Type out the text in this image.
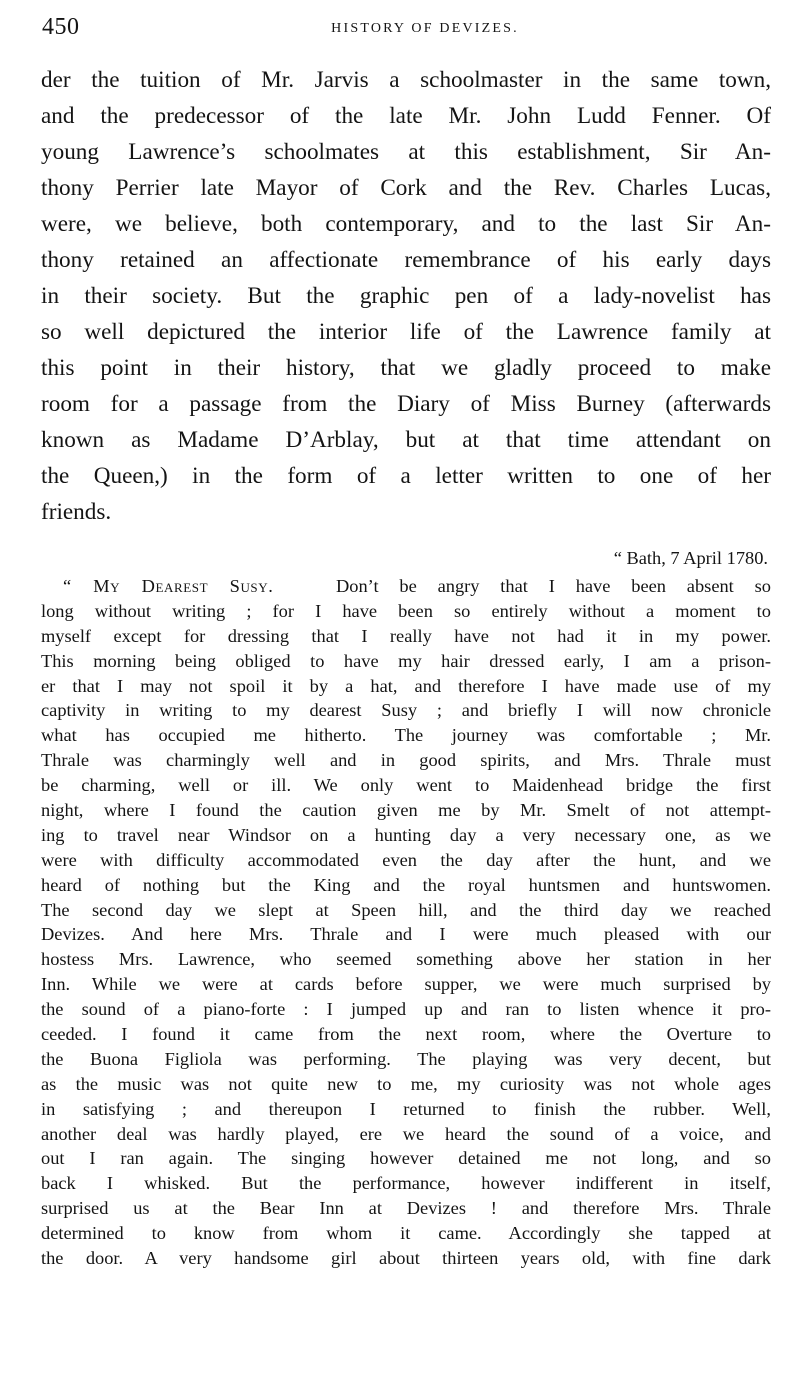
450	HISTORY OF DEVIZES.
der the tuition of Mr. Jarvis a schoolmaster in the same town,
and the predecessor of the late Mr. John Ludd Fenner. Of
young Lawrence’s schoolmates at this establishment, Sir An-
thony Perrier late Mayor of Cork and the Rev. Charles Lucas,
were, we believe, both contemporary, and to the last Sir An-
thony retained an affectionate remembrance of his early days
in their society. But the graphic pen of a lady-novelist has
so well depictured the interior life of the Lawrence family at
this point in their history, that we gladly proceed to make
room for a passage from the Diary of Miss Burney (afterwards
known as Madame D’Arblay, but at that time attendant on
the Queen,) in the form of a letter written to one of her
friends.
“ Bath, 7 April 1780.
“ My Dearest Susy.	Don’t be angry that I have been absent so
long without writing ; for I have been so entirely without a moment to
myself except for dressing that I really have not had it in my power.
This morning being obliged to have my hair dressed early, I am a prison-
er that I may not spoil it by a hat, and therefore I have made use of my
captivity in writing to my dearest Susy ; and briefly I will now chronicle
what has occupied me hitherto. The journey was comfortable ; Mr.
Thrale was charmingly well and in good spirits, and Mrs. Thrale must
be charming, well or ill. We only went to Maidenhead bridge the first
night, where I found the caution given me by Mr. Smelt of not attempt-
ing to travel near Windsor on a hunting day a very necessary one, as we
were with difficulty accommodated even the day after the hunt, and we
heard of nothing but the King and the royal huntsmen and huntswomen.
The second day we slept at Speen hill, and the third day we reached
Devizes. And here Mrs. Thrale and I were much pleased with our
hostess Mrs. Lawrence, who seemed something above her station in her
Inn. While we were at cards before supper, we were much surprised by
the sound of a piano-forte : I jumped up and ran to listen whence it pro-
ceeded. I found it came from the next room, where the Overture to
the Buona Figliola was performing. The playing was very decent, but
as the music was not quite new to me, my curiosity was not whole ages
in satisfying ; and thereupon I returned to finish the rubber. Well,
another deal was hardly played, ere we heard the sound of a voice, and
out I ran again. The singing however detained me not long, and so
back I whisked. But the performance, however indifferent in itself,
surprised us at the Bear Inn at Devizes ! and therefore Mrs. Thrale
determined to know from whom it came. Accordingly she tapped at
the door. A very handsome girl about thirteen years old, with fine dark
